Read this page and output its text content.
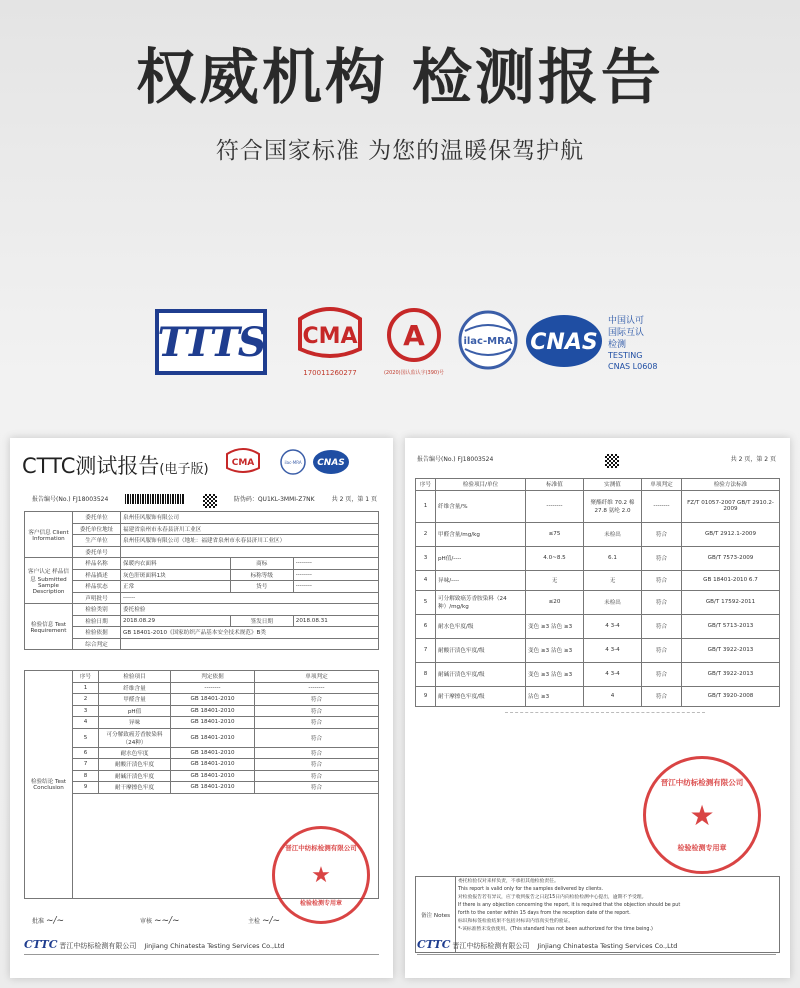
权威机构 检测报告
符合国家标准 为您的温暖保驾护航
TTTS CMA
170011260277
A
(2020)国认监认字(390)号
ilac-MRA CNAS
中国认可
国际互认
检测
TESTING
CNAS L0608
CTTC测试报告(电子版)	CMA	ilac-MRA CNAS
报告编号(No.) FJ18003524	防伪码：QU1KL-3MMI-Z7NK	共 2 页，第 1 页
客户信息 Client Information	委托单位	泉州佳风服饰有限公司		
	委托单位地址	福建省泉州市永春县济川工业区		
	生产单位	泉州佳风服饰有限公司（地址：福建省泉州市永春县济川工业区）		
	委托单号			
客户认定 样品信息 Submitted Sample Description	样品名称	保暖内衣面料	商标	--------
	样品描述	灰色肝斑面料1块	标称等级	--------
	样品状态	正常	货号	--------
	声明批号	------		
检验信息 Test Requirement	检验类别	委托检验		
	检验日期	2018.08.29	签发日期	2018.08.31
	检验依据	GB 18401-2010《国家纺织产品基本安全技术规范》B类		
	综合判定			
检验结论 Test Conclusion	序号	检验项目	判定依据	单项判定
	1	纤维含量	--------	--------
	2	甲醛含量	GB 18401-2010	符合
	3	pH值	GB 18401-2010	符合
	4	异味	GB 18401-2010	符合
	5	可分解致癌芳香胺染料（24种）	GB 18401-2010	符合
	6	耐水色牢度	GB 18401-2010	符合
	7	耐酸汗渍色牢度	GB 18401-2010	符合
	8	耐碱汗渍色牢度	GB 18401-2010	符合
	9	耐干摩擦色牢度	GB 18401-2010	符合

★
晋江中纺标检测有限公司
检验检测专用章
批准 ~/~	审核 ~~/~	主检 ~/~
CTTC 晋江中纺标检测有限公司 Jinjiang Chinatesta Testing Services Co.,Ltd

报告编号(No.) FJ18003524	共 2 页，第 2 页
序号	检验项目/单位	标准值	实测值	单项判定	检验方法标准
1	纤维含量/%	--------	聚酯纤维 70.2 棉 27.8 氨纶 2.0	--------	FZ/T 01057-2007 GB/T 2910.2-2009
2	甲醛含量/mg/kg	≤75	未检出	符合	GB/T 2912.1-2009
3	pH值/----	4.0~8.5	6.1	符合	GB/T 7573-2009
4	异味/----	无	无	符合	GB 18401-2010 6.7
5	可分解致癌芳香胺染料（24种）/mg/kg	≤20	未检出	符合	GB/T 17592-2011
6	耐水色牢度/级	变色 ≥3 沾色 ≥3	4 3-4	符合	GB/T 5713-2013
7	耐酸汗渍色牢度/级	变色 ≥3 沾色 ≥3	4 3-4	符合	GB/T 3922-2013
8	耐碱汗渍色牢度/级	变色 ≥3 沾色 ≥3	4 3-4	符合	GB/T 3922-2013
9	耐干摩擦色牢度/级	沾色 ≥3	4	符合	GB/T 3920-2008
★
晋江中纺标检测有限公司
检验检测专用章
备注 Notes	
委托检验仅对来样负责，不承担其他检验责任。
This report is valid only for the samples delivered by clients.
对检验报告若有异议，应于收到报告之日起15日内向检验检测中心提出，逾期不予受理。
If there is any objection concerning the report, it is required that the objection should be put
forth to the center within 15 days from the reception date of the report.
标识和标签检验结果不包括对标识内容真实性的验证。
*-该标准暂未发放使用。(This standard has not been authorized for the time being.)
CTTC 晋江中纺标检测有限公司 Jinjiang Chinatesta Testing Services Co.,Ltd
